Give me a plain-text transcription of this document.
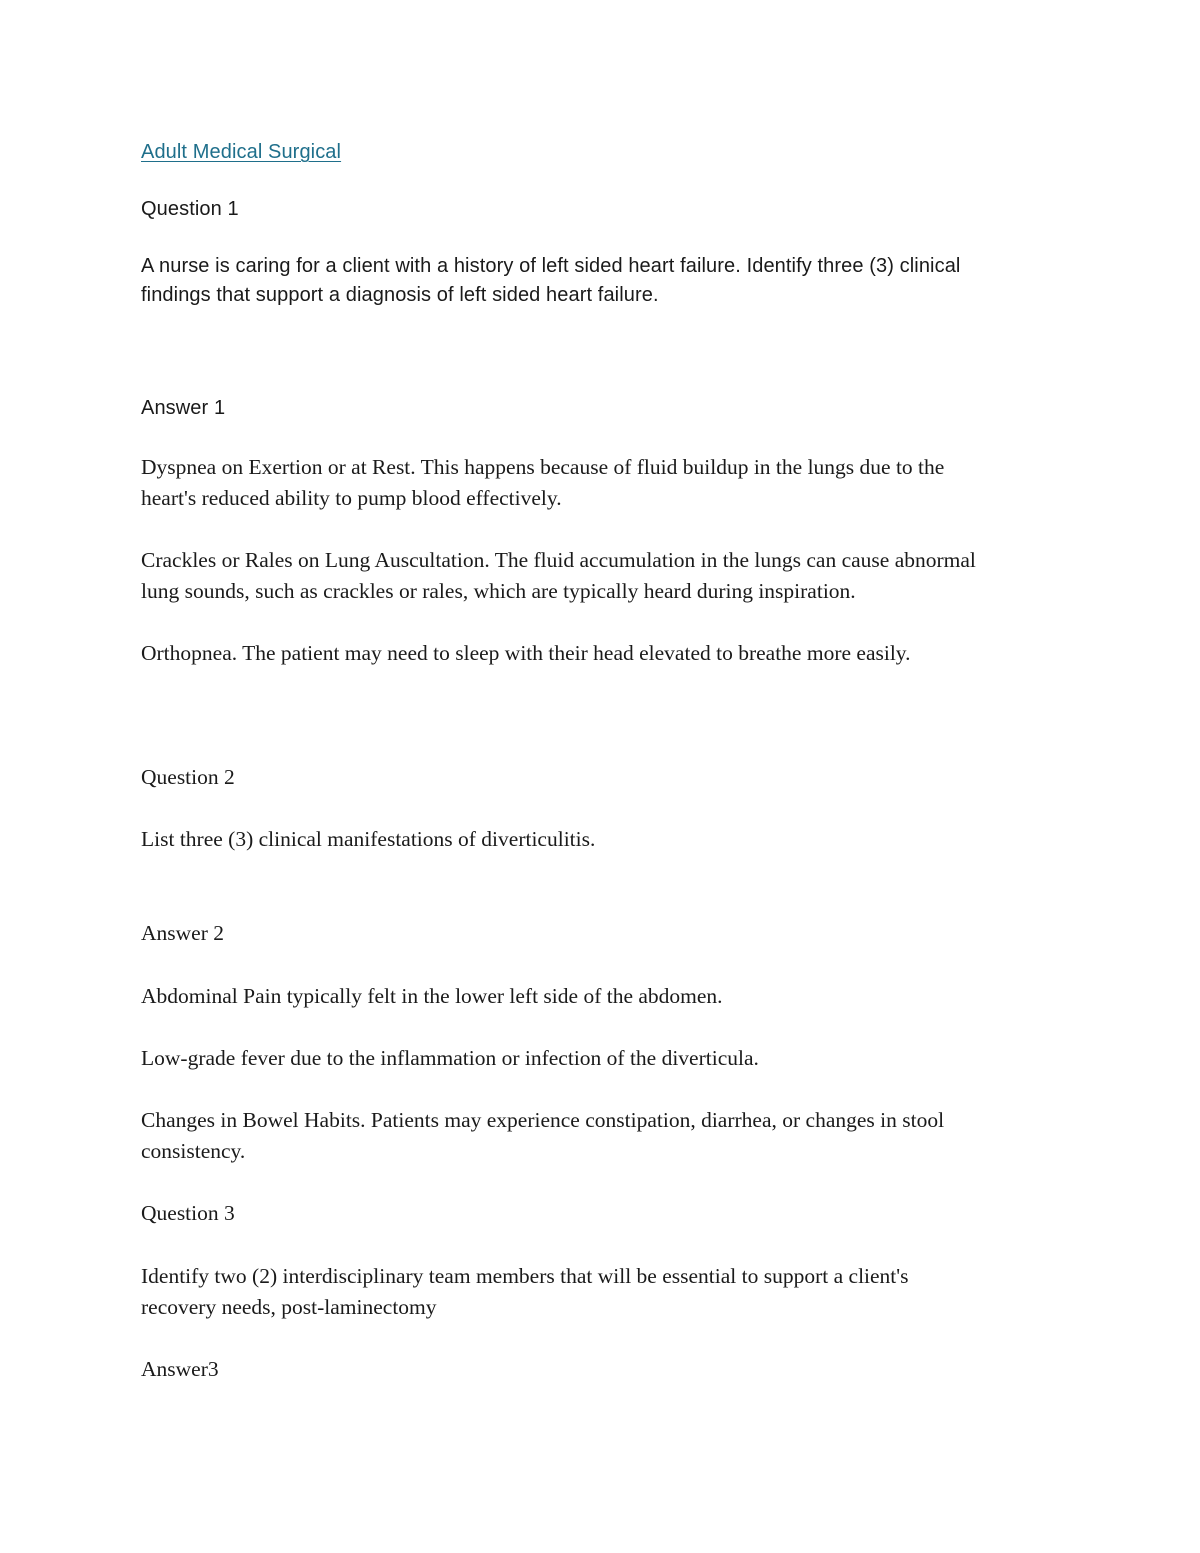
Adult Medical Surgical

Question 1

A nurse is caring for a client with a history of left sided heart failure. Identify three (3) clinical

findings that support a diagnosis of left sided heart failure.

Answer 1

Dyspnea on Exertion or at Rest. This happens because of fluid buildup in the lungs due to the

heart's reduced ability to pump blood effectively.

Crackles or Rales on Lung Auscultation. The fluid accumulation in the lungs can cause abnormal

lung sounds, such as crackles or rales, which are typically heard during inspiration.

Orthopnea. The patient may need to sleep with their head elevated to breathe more easily.

Question 2

List three (3) clinical manifestations of diverticulitis.

Answer 2

Abdominal Pain typically felt in the lower left side of the abdomen.

Low-grade fever due to the inflammation or infection of the diverticula.

Changes in Bowel Habits. Patients may experience constipation, diarrhea, or changes in stool

consistency.

Question 3

Identify two (2) interdisciplinary team members that will be essential to support a client's

recovery needs, post-laminectomy

Answer3
